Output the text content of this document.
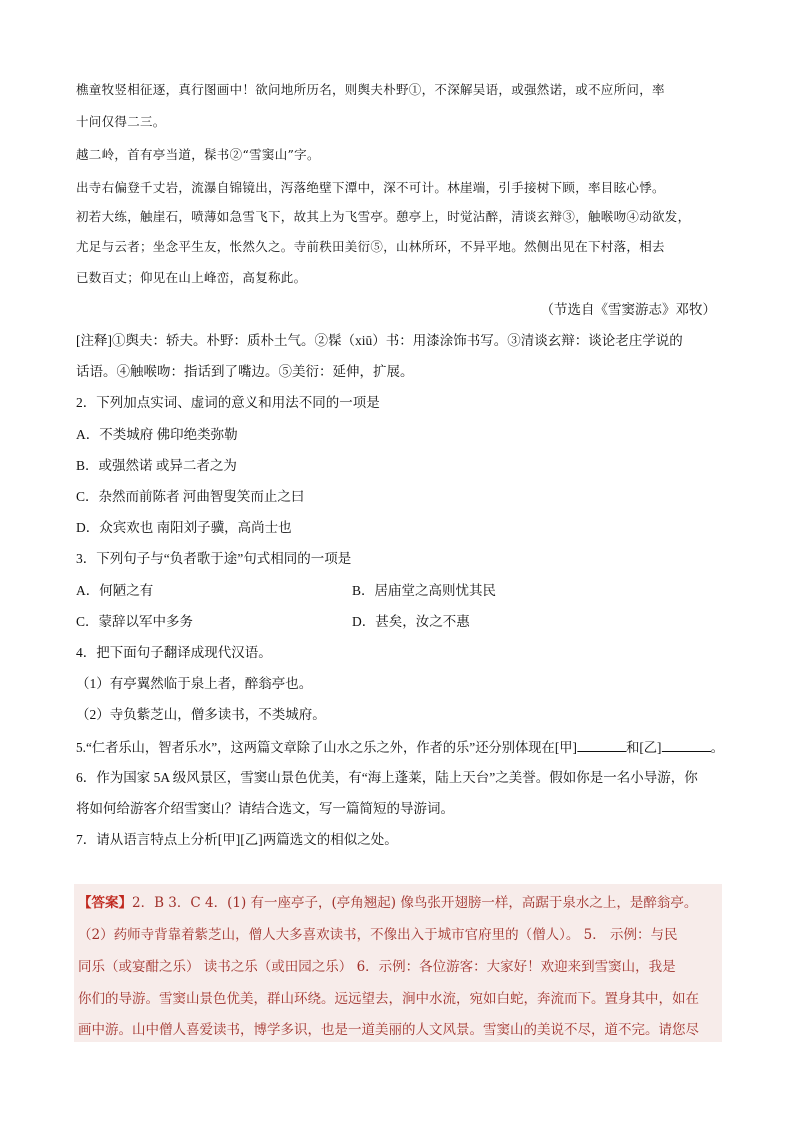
樵童牧竖相征逐，真行图画中！欲问地所历名，则舆夫朴野①，不深解吴语，或强然诺，或不应所问，率
十问仅得二三。
越二岭，首有亭当道，髹书②“雪窦山”字。
出寺右偏登千丈岩，流瀑自锦镜出，泻落绝壁下潭中，深不可计。林崖端，引手接树下顾，率目眩心悸。
初若大练，触崖石，喷薄如急雪飞下，故其上为飞雪亭。憩亭上，时觉沾醉，清谈玄辩③，触喉吻④动欲发，
尤足与云者；坐念平生友，怅然久之。寺前秩田美衍⑤，山林所环，不异平地。然侧出见在下村落，相去
已数百丈；仰见在山上峰峦，高复称此。
（节选自《雪窦游志》邓牧）
[注释]①舆夫：轿夫。朴野：质朴土气。②髹（xiū）书：用漆涂饰书写。③清谈玄辩：谈论老庄学说的
话语。④触喉吻：指话到了嘴边。⑤美衍：延伸，扩展。
2．下列加点实词、虚词的意义和用法不同的一项是
A．不类城府 佛印绝类弥勒
B．或强然诺 或异二者之为
C．杂然而前陈者 河曲智叟笑而止之曰
D．众宾欢也 南阳刘子骥，高尚士也
3．下列句子与“负者歌于途”句式相同的一项是
A．何陋之有	B．居庙堂之高则忧其民
C．蒙辞以军中多务	D．甚矣，汝之不惠
4．把下面句子翻译成现代汉语。
（1）有亭翼然临于泉上者，醉翁亭也。
（2）寺负紫芝山，僧多读书，不类城府。
5.“仁者乐山，智者乐水”，这两篇文章除了山水之乐之外，作者的乐”还分别体现在[甲]	和[乙]	。
6．作为国家 5A 级风景区，雪窦山景色优美，有“海上蓬莱，陆上天台”之美誉。假如你是一名小导游，你
将如何给游客介绍雪窦山？请结合选文，写一篇简短的导游词。
7．请从语言特点上分析[甲][乙]两篇选文的相似之处。
【答案】2．B 3．C 4．(1) 有一座亭子，(亭角翘起) 像鸟张开翅膀一样，高踞于泉水之上，是醉翁亭。
（2）药师寺背靠着紫芝山，僧人大多喜欢读书，不像出入于城市官府里的（僧人）。 5． 示例：与民
同乐（或宴酣之乐） 读书之乐（或田园之乐） 6．示例：各位游客：大家好！欢迎来到雪窦山，我是
你们的导游。雪窦山景色优美，群山环绕。远远望去，涧中水流，宛如白蛇，奔流而下。置身其中，如在
画中游。山中僧人喜爱读书，博学多识，也是一道美丽的人文风景。雪窦山的美说不尽，道不完。请您尽
